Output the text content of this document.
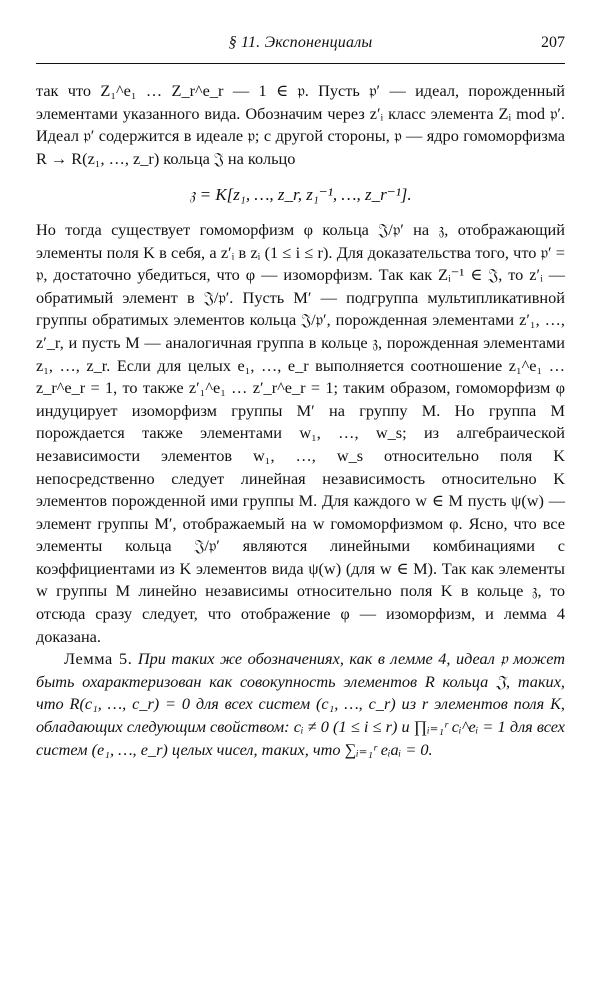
§ 11. Экспоненциалы	207

так что Z₁^e₁ … Z_r^e_r — 1 ∈ 𝔭. Пусть 𝔭′ — идеал, порожденный элементами указанного вида. Обозначим через z′ᵢ класс элемента Zᵢ mod 𝔭′. Идеал 𝔭′ содержится в идеале 𝔭; с другой стороны, 𝔭 — ядро гомоморфизма R → R(z₁, …, z_r) кольца 𝔍 на кольцо

𝔷 = K[z₁, …, z_r, z₁⁻¹, …, z_r⁻¹].

Но тогда существует гомоморфизм φ кольца 𝔍/𝔭′ на 𝔷, отображающий элементы поля K в себя, а z′ᵢ в zᵢ (1 ≤ i ≤ r). Для доказательства того, что 𝔭′ = 𝔭, достаточно убедиться, что φ — изоморфизм. Так как Zᵢ⁻¹ ∈ 𝔍, то z′ᵢ — обратимый элемент в 𝔍/𝔭′. Пусть M′ — подгруппа мультипликативной группы обратимых элементов кольца 𝔍/𝔭′, порожденная элементами z′₁, …, z′_r, и пусть M — аналогичная группа в кольце 𝔷, порожденная элементами z₁, …, z_r. Если для целых e₁, …, e_r выполняется соотношение z₁^e₁ … z_r^e_r = 1, то также z′₁^e₁ … z′_r^e_r = 1; таким образом, гомоморфизм φ индуцирует изоморфизм группы M′ на группу M. Но группа M порождается также элементами w₁, …, w_s; из алгебраической независимости элементов w₁, …, w_s относительно поля K непосредственно следует линейная независимость относительно K элементов порожденной ими группы M. Для каждого w ∈ M пусть ψ(w) — элемент группы M′, отображаемый на w гомоморфизмом φ. Ясно, что все элементы кольца 𝔍/𝔭′ являются линейными комбинациями с коэффициентами из K элементов вида ψ(w) (для w ∈ M). Так как элементы w группы M линейно независимы относительно поля K в кольце 𝔷, то отсюда сразу следует, что отображение φ — изоморфизм, и лемма 4 доказана.

Лемма 5. При таких же обозначениях, как в лемме 4, идеал 𝔭 может быть охарактеризован как совокупность элементов R кольца 𝔍, таких, что R(c₁, …, c_r) = 0 для всех систем (c₁, …, c_r) из r элементов поля K, обладающих следующим свойством: cᵢ ≠ 0 (1 ≤ i ≤ r) и ∏ᵢ₌₁ʳ cᵢ^eᵢ = 1 для всех систем (e₁, …, e_r) целых чисел, таких, что ∑ᵢ₌₁ʳ eᵢaᵢ = 0.
